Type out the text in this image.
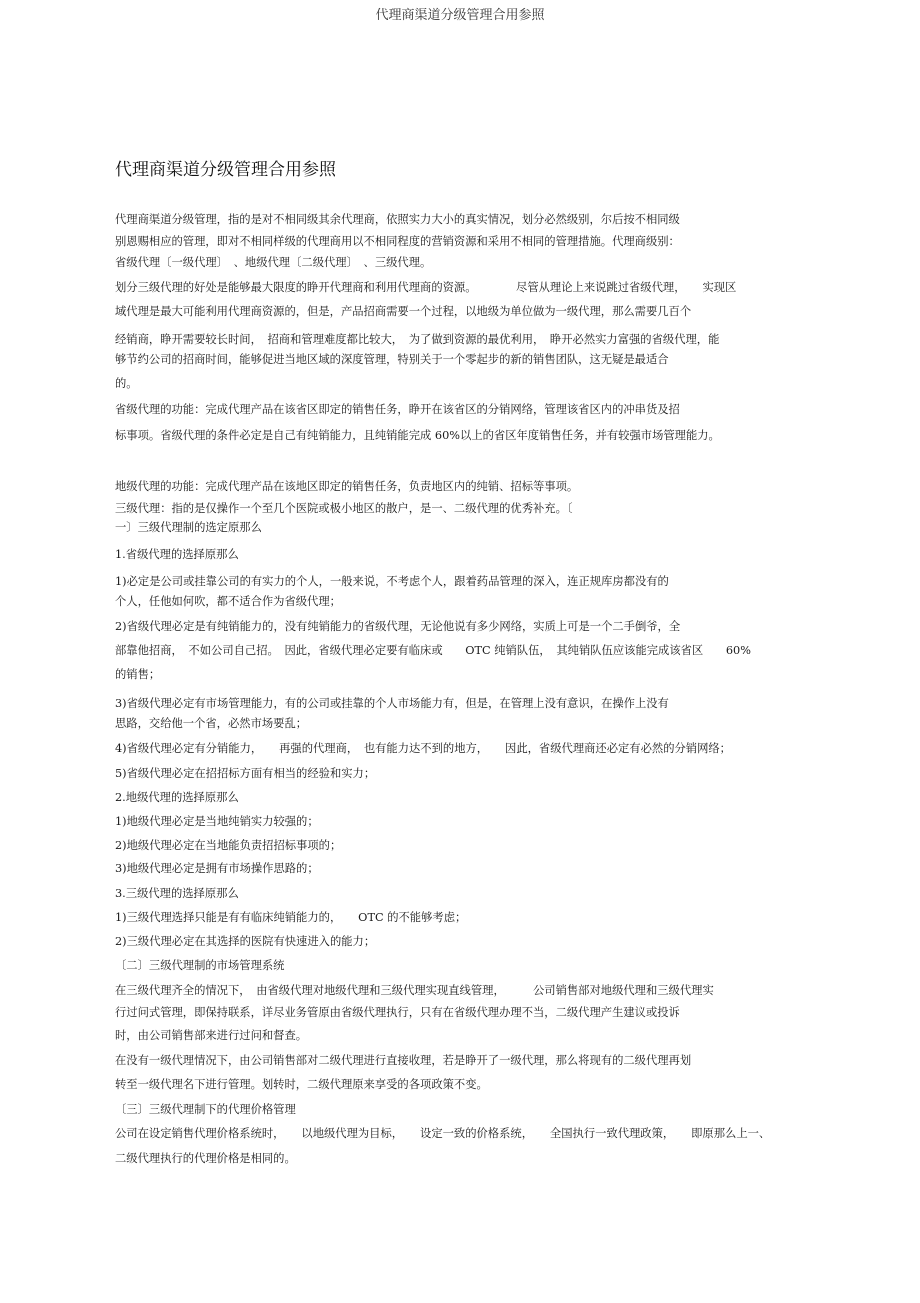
代理商渠道分级管理合用参照
代理商渠道分级管理合用参照
代理商渠道分级管理，指的是对不相同级其余代理商，依照实力大小的真实情况，划分必然级别，尔后按不相同级
别恩赐相应的管理，即对不相同样级的代理商用以不相同程度的营销资源和采用不相同的管理措施。代理商级别：
省级代理〔一级代理〕　、地级代理〔二级代理〕　、三级代理。
划分三级代理的好处是能够最大限度的睁开代理商和利用代理商的资源。　　　　尽管从理论上来说跳过省级代理，　　实现区
域代理是最大可能利用代理商资源的，但是，产品招商需要一个过程，以地级为单位做为一级代理，那么需要几百个
经销商，睁开需要较长时间，　招商和管理难度都比较大，　为了做到资源的最优利用，　睁开必然实力富强的省级代理，能
够节约公司的招商时间，能够促进当地区域的深度管理，特别关于一个零起步的新的销售团队，这无疑是最适合
的。
省级代理的功能：完成代理产品在该省区即定的销售任务，睁开在该省区的分销网络，管理该省区内的冲串货及招
标事项。省级代理的条件必定是自己有纯销能力，且纯销能完成 60%以上的省区年度销售任务，并有较强市场管理能力。
地级代理的功能：完成代理产品在该地区即定的销售任务，负责地区内的纯销、招标等事项。
三级代理：指的是仅操作一个至几个医院或极小地区的散户，是一、二级代理的优秀补充。〔
一〕三级代理制的选定原那么
1.省级代理的选择原那么
1)必定是公司或挂靠公司的有实力的个人，一般来说，不考虑个人，跟着药品管理的深入，连正规库房都没有的
个人，任他如何吹，都不适合作为省级代理；
2)省级代理必定是有纯销能力的，没有纯销能力的省级代理，无论他说有多少网络，实质上可是一个二手倒爷，全
部靠他招商，　不如公司自己招。　因此，省级代理必定要有临床或　　OTC 纯销队伍，　其纯销队伍应该能完成该省区　　60%
的销售；
3)省级代理必定有市场管理能力，有的公司或挂靠的个人市场能力有，但是，在管理上没有意识，在操作上没有
思路，交给他一个省，必然市场要乱；
4)省级代理必定有分销能力，　　再强的代理商，　也有能力达不到的地方，　　因此，省级代理商还必定有必然的分销网络；
5)省级代理必定在招招标方面有相当的经验和实力；
2.地级代理的选择原那么
1)地级代理必定是当地纯销实力较强的；
2)地级代理必定在当地能负责招招标事项的；
3)地级代理必定是拥有市场操作思路的；
3.三级代理的选择原那么
1)三级代理选择只能是有有临床纯销能力的，　　OTC 的不能够考虑；
2)三级代理必定在其选择的医院有快速进入的能力；
〔二〕三级代理制的市场管理系统
在三级代理齐全的情况下，　由省级代理对地级代理和三级代理实现直线管理，　　　公司销售部对地级代理和三级代理实
行过问式管理，即保持联系，详尽业务管原由省级代理执行，只有在省级代理办理不当，二级代理产生建议或投诉
时，由公司销售部来进行过问和督查。
在没有一级代理情况下，由公司销售部对二级代理进行直接收理，若是睁开了一级代理，那么将现有的二级代理再划
转至一级代理名下进行管理。划转时，二级代理原来享受的各项政策不变。
〔三〕三级代理制下的代理价格管理
公司在设定销售代理价格系统时，　　以地级代理为目标，　　设定一致的价格系统，　　全国执行一致代理政策，　　即原那么上一、
二级代理执行的代理价格是相同的。
